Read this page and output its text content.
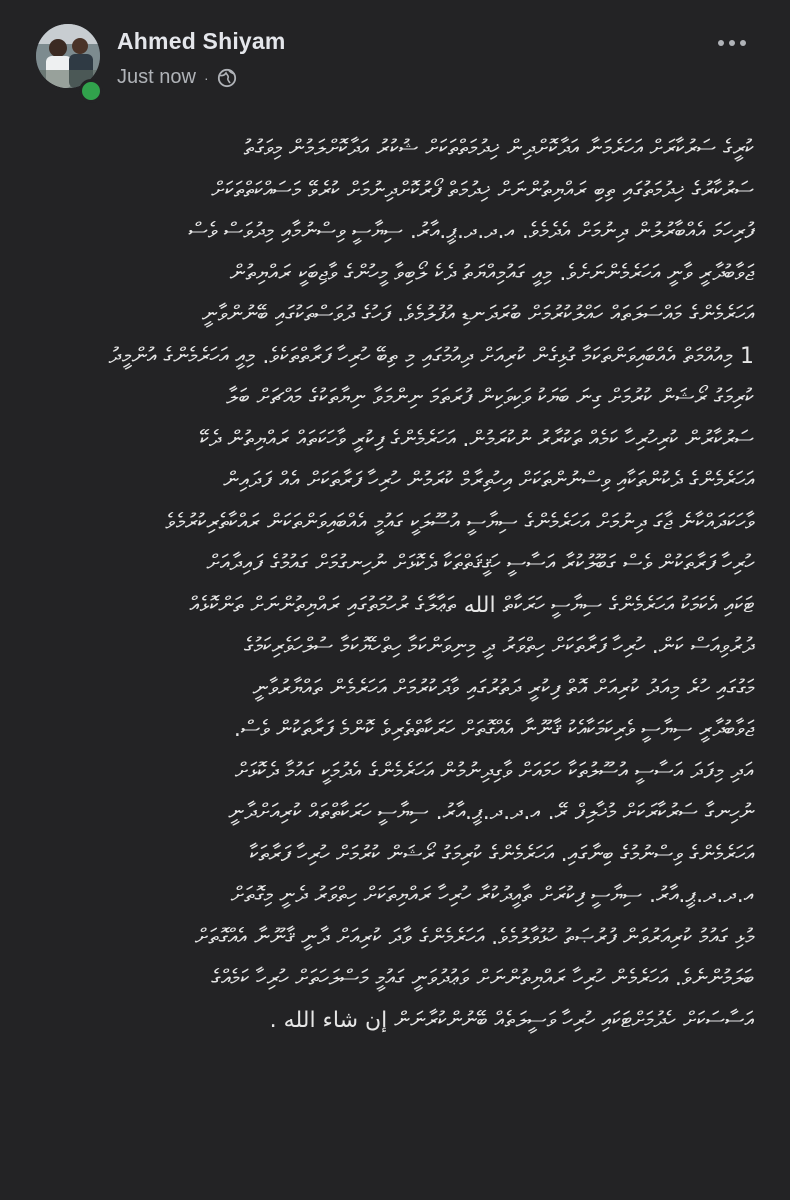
Ahmed Shiyam
Just now ·

ކުރީގެ ސަރުކާރަށް އަހަރެމަނާ އަދާކޮށްދިން ޚިދުމަތްތަކަށް ޝުކުރު އަދާކޮށްލަމުން މިވަގުތު

ސަރުކާރުގެ ޚިދުމަތުގައި ތިބި ރައްޔިތުންނަށް ޚިދުމަތް ފޯރުކޮށްދިނުމަށް ކުރެވޭ މަސައްކަތްތަކަށް

ފުރިހަމަ އެއްބާރުލުން ދިނުމަށް އެދެމެވެ. އ.ދ.ދ.ޕީ.އާރު. ސިޔާސީ ވިސްނުމާއި މިދުވަސް ވެސް

ޖަވާބުދާރީ ވާނީ އަހަރެމެންނަށެވެ. މިއީ ގައުމިއްޔަތު ދެކެ ލޯބިވާ މީހުންގެ ވާޖިބަކީ ރައްޔިތުން

އަހަރެމެންގެ މައްސަލަތައް ހައްލުކުރުމަށް ބުރަދަނޑި އުފުލުމެވެ. ފަހުގެ ދުވަސްތަކުގައި ބޭނުންވާނީ

1 މިއުއްމަތް އެއްބައިވަންތަކަމާ ގުޅިގެން ކުރިއަށް ދިއުމުގައި މި ތިބޭ ހުރިހާ ފަރާތްތަކެވެ. މިއީ އަހަރެމެންގެ އުންމީދު

ކުރިމަގު ރޯޝަން ކުރުމަށް ގިނަ ބަޔަކު ވަކިވަކިން ފުރަތަމަ ނިންމަވާ ނިޔާތަކުގެ މައްޗަށް ބަލާ

ސަރުކާރުން ކުރިހުރިހާ ކަމެއް ތަކުރާރު ނުކުރަމުން. އަހަރެމެންގެ ފިކުރީ ވާހަކަތައް ރައްޔިތުން ދެކޭ

އަހަރެމެންގެ ދެކުންތަކާއި ވިސްނުންތަކަށް އިހުތިރާމް ކުރަމުން ހުރިހާ ފަރާތަކަށް އެއް ފަދައިން

ވާހަކަދައްކާނެ ޖާގަ ދިނުމަށް އަހަރެމެންގެ ސިޔާސީ އުސޫލަކީ ގައުމީ އެއްބައިވަންތަކަން ރައްކާތެރިކުރުމެވެ

ހުރިހާ ފަރާތަކުން ވެސް ގަބޫލުކުރާ އަސާސީ ހަޤީޤަތްތަކާ ދެކޮޅަށް ނުހިނގުމަށް ގައުމުގެ ފައިދާއަށް

ޓަކައި އެކަމަކު އަހަރެމެންގެ ސިޔާސީ ހަރަކާތް الله ތަޢާލާގެ ރުހުމަތުގައި ރައްޔިތުންނަށް ތަންކޮޅެއް

ދުރުވިއަސް ކަން. ހުރިހާ ފަރާތަކަށް ހިތްވަރު ދީ މިނިވަންކަމާ ހިތްހެޔޮކަމާ ސުލްހަވެރިކަމުގެ

މަގުގައި ހުރެ މިއަދު ކުރިއަށް އޮތް ފިކުރީ ދަތުރުގައި ވާދަކުރުމަށް އަހަރެމެން ތައްޔާރުވާނީ

ޖަވާބުދާރީ ސިޔާސީ ވެރިކަމަކާއެކު ޤާނޫނާ އެއްގޮތަށް ހަރަކާތްތެރިވެ ކޮންމެ ފަރާތަކުން ވެސް.

އަދި މިފަދަ އަސާސީ އުސޫލުތަކާ ހަމައަށް ވާގިދިނުމުން އަހަރެމެންގެ އެދުމަކީ ގައުމާ ދެކޮޅަށް

ނުހިނގާ ސަރުކާރަކަށް މުޚާލިފް ރޭ. އ.ދ.ދ.ޕީ.އާރު. ސިޔާސީ ހަރަކާތްތައް ކުރިއަށްދާނީ

އަހަރެމެންގެ ވިސްނުމުގެ ބިނާގައި. އަހަރެމެންގެ ކުރިމަގު ރޯޝަން ކުރުމަށް ހުރިހާ ފަރާތަކާ

އ.ދ.ދ.ޕީ.އާރު. ސިޔާސީ ފިކުރަށް ތާއީދުކުރާ ހުރިހާ ރައްޔިތަކަށް ހިތްވަރު ދެނީ މިގޮތަށް

މުޅި ގައުމު ކުރިއަރުވަން ފުރުޞަތު ހުޅުވާލުމެވެ. އަހަރެމެންގެ ވާދަ ކުރިއަށް ދާނީ ޤާނޫނާ އެއްގޮތަށް

ބަލަމުންނެވެ. އަހަރެމެން ހުރިހާ ރައްޔިތުންނަށް ވަޢުދުވަނީ ގައުމީ މަސްލަހަތަށް ހުރިހާ ކަމެއްގެ

އަސާސަކަށް ހެދުމަށްޓަކައި ހުރިހާ ވަސީލަތެއް ބޭނުންކުރާނަން إن شاء الله .
